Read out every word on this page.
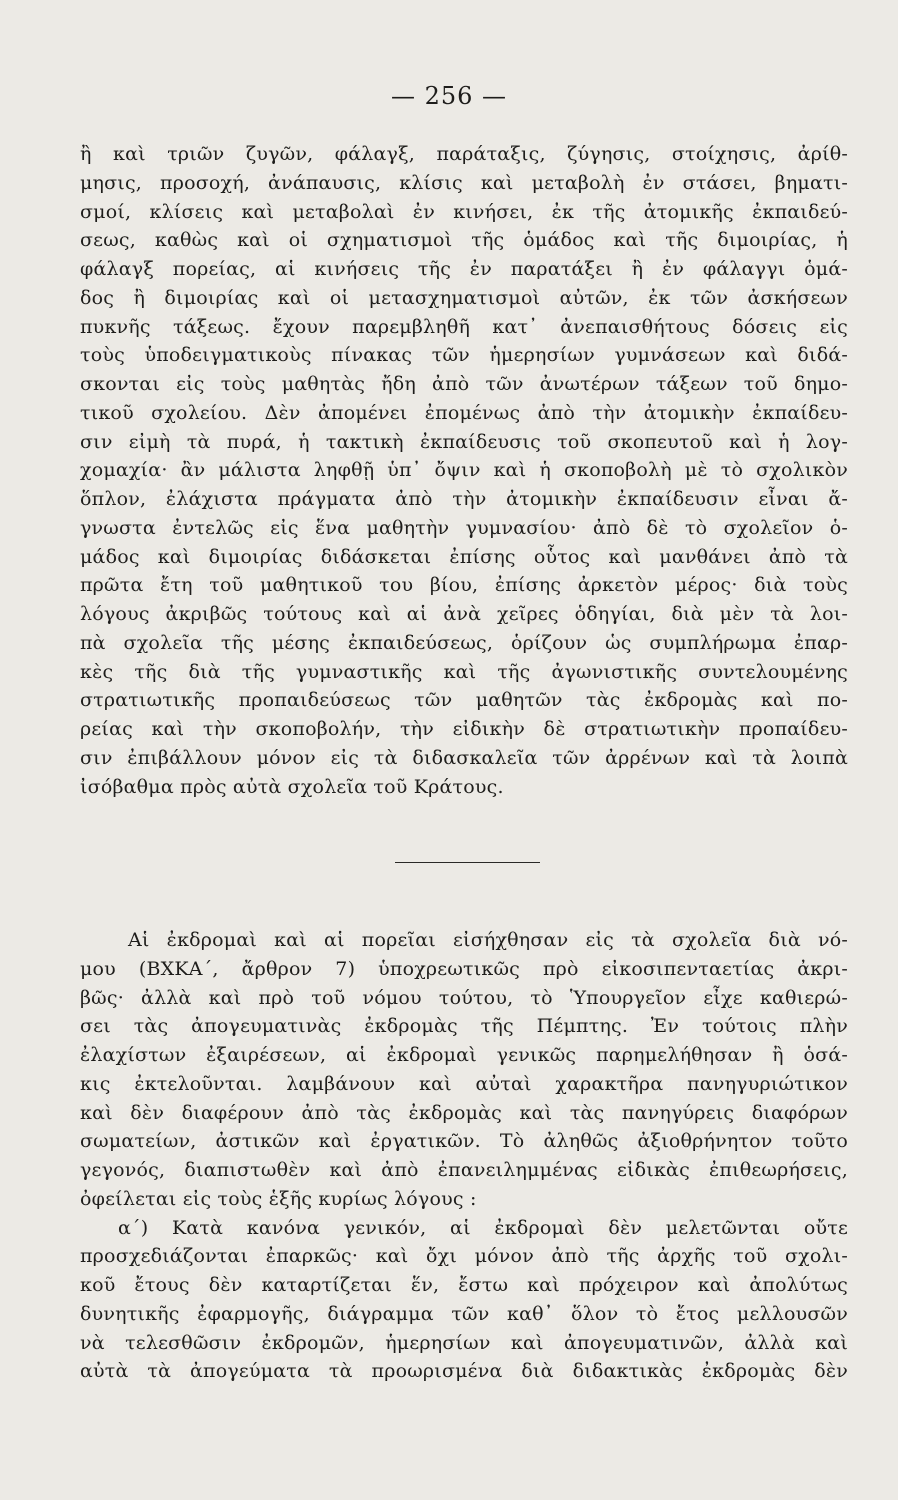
— 256 —
ἢ καὶ τριῶν ζυγῶν, φάλαγξ, παράταξις, ζύγησις, στοίχησις, ἀρίθ-
μησις, προσοχή, ἀνάπαυσις, κλίσις καὶ μεταβολὴ ἐν στάσει, βηματι-
σμοί, κλίσεις καὶ μεταβολαὶ ἐν κινήσει, ἐκ τῆς ἀτομικῆς ἐκπαιδεύ-
σεως, καθὼς καὶ οἱ σχηματισμοὶ τῆς ὁμάδος καὶ τῆς διμοιρίας, ἡ
φάλαγξ πορείας, αἱ κινήσεις τῆς ἐν παρατάξει ἢ ἐν φάλαγγι ὁμά-
δος ἢ διμοιρίας καὶ οἱ μετασχηματισμοὶ αὐτῶν, ἐκ τῶν ἀσκήσεων
πυκνῆς τάξεως. ἔχουν παρεμβληθῆ κατ᾽ ἀνεπαισθήτους δόσεις εἰς
τοὺς ὑποδειγματικοὺς πίνακας τῶν ἡμερησίων γυμνάσεων καὶ διδά-
σκονται εἰς τοὺς μαθητὰς ἤδη ἀπὸ τῶν ἀνωτέρων τάξεων τοῦ δημο-
τικοῦ σχολείου. Δὲν ἀπομένει ἐπομένως ἀπὸ τὴν ἀτομικὴν ἐκπαίδευ-
σιν εἰμὴ τὰ πυρά, ἡ τακτικὴ ἐκπαίδευσις τοῦ σκοπευτοῦ καὶ ἡ λογ-
χομαχία· ἂν μάλιστα ληφθῇ ὑπ᾽ ὄψιν καὶ ἡ σκοποβολὴ μὲ τὸ σχολικὸν
ὅπλον, ἐλάχιστα πράγματα ἀπὸ τὴν ἀτομικὴν ἐκπαίδευσιν εἶναι ἄ-
γνωστα ἐντελῶς εἰς ἕνα μαθητὴν γυμνασίου· ἀπὸ δὲ τὸ σχολεῖον ὁ-
μάδος καὶ διμοιρίας διδάσκεται ἐπίσης οὗτος καὶ μανθάνει ἀπὸ τὰ
πρῶτα ἔτη τοῦ μαθητικοῦ του βίου, ἐπίσης ἀρκετὸν μέρος· διὰ τοὺς
λόγους ἀκριβῶς τούτους καὶ αἱ ἀνὰ χεῖρες ὁδηγίαι, διὰ μὲν τὰ λοι-
πὰ σχολεῖα τῆς μέσης ἐκπαιδεύσεως, ὁρίζουν ὡς συμπλήρωμα ἐπαρ-
κὲς τῆς διὰ τῆς γυμναστικῆς καὶ τῆς ἀγωνιστικῆς συντελουμένης
στρατιωτικῆς προπαιδεύσεως τῶν μαθητῶν τὰς ἐκδρομὰς καὶ πο-
ρείας καὶ τὴν σκοποβολήν, τὴν εἰδικὴν δὲ στρατιωτικὴν προπαίδευ-
σιν ἐπιβάλλουν μόνον εἰς τὰ διδασκαλεῖα τῶν ἀρρένων καὶ τὰ λοιπὰ
ἰσόβαθμα πρὸς αὐτὰ σχολεῖα τοῦ Κράτους.
Αἱ ἐκδρομαὶ καὶ αἱ πορεῖαι εἰσήχθησαν εἰς τὰ σχολεῖα διὰ νό-
μου (ΒΧΚΑ΄, ἄρθρον 7) ὑποχρεωτικῶς πρὸ εἰκοσιπενταετίας ἀκρι-
βῶς· ἀλλὰ καὶ πρὸ τοῦ νόμου τούτου, τὸ Ὑπουργεῖον εἶχε καθιερώ-
σει τὰς ἀπογευματινὰς ἐκδρομὰς τῆς Πέμπτης. Ἐν τούτοις πλὴν
ἐλαχίστων ἐξαιρέσεων, αἱ ἐκδρομαὶ γενικῶς παρημελήθησαν ἢ ὁσά-
κις ἐκτελοῦνται. λαμβάνουν καὶ αὐταὶ χαρακτῆρα πανηγυριώτικον
καὶ δὲν διαφέρουν ἀπὸ τὰς ἐκδρομὰς καὶ τὰς πανηγύρεις διαφόρων
σωματείων, ἀστικῶν καὶ ἐργατικῶν. Τὸ ἀληθῶς ἀξιοθρήνητον τοῦτο
γεγονός, διαπιστωθὲν καὶ ἀπὸ ἐπανειλημμένας εἰδικὰς ἐπιθεωρήσεις,
ὀφείλεται εἰς τοὺς ἑξῆς κυρίως λόγους :
α΄) Κατὰ κανόνα γενικόν, αἱ ἐκδρομαὶ δὲν μελετῶνται οὔτε
προσχεδιάζονται ἐπαρκῶς· καὶ ὄχι μόνον ἀπὸ τῆς ἀρχῆς τοῦ σχολι-
κοῦ ἔτους δὲν καταρτίζεται ἕν, ἔστω καὶ πρόχειρον καὶ ἀπολύτως
δυνητικῆς ἐφαρμογῆς, διάγραμμα τῶν καθ᾽ ὅλον τὸ ἔτος μελλουσῶν
νὰ τελεσθῶσιν ἐκδρομῶν, ἡμερησίων καὶ ἀπογευματινῶν, ἀλλὰ καὶ
αὐτὰ τὰ ἀπογεύματα τὰ προωρισμένα διὰ διδακτικὰς ἐκδρομὰς δὲν
